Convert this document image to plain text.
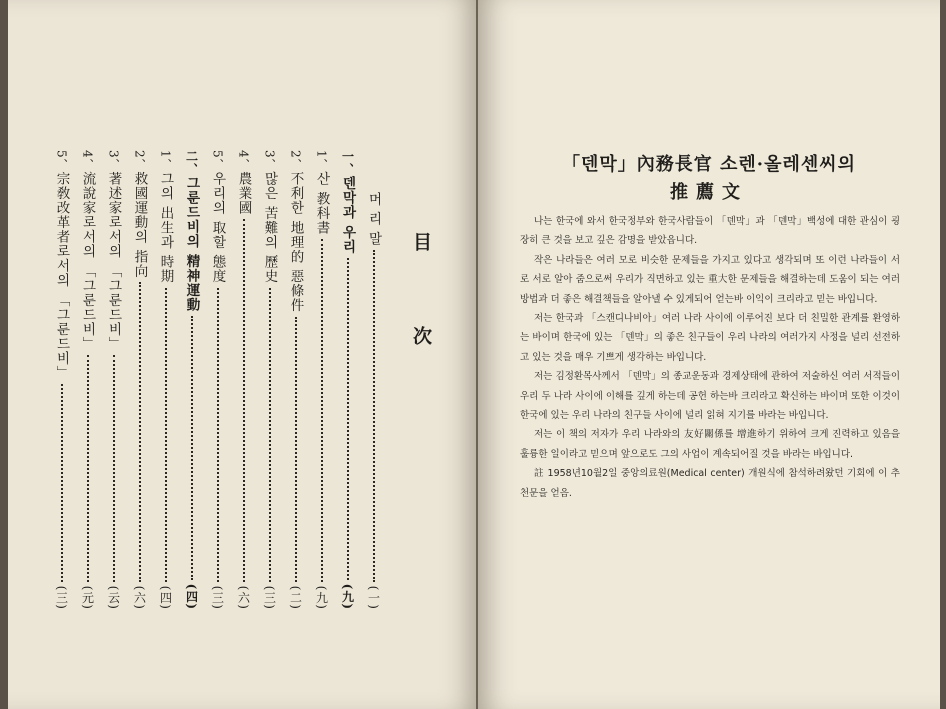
目 次
머 리 말(一)
一、덴막과 우리(九)
1、산 教科書(九)
2、不利한 地理的 惡條件(二)
3、많은 苦難의 歷史(三)
4、農業國(六)
5、우리의 取할 態度(三)
二、그룬드비의 精神運動(四)
1、그의 出生과 時期(四)
2、救國運動의 指向(六)
3、著述家로서의 「그룬드비」(云)
4、流說家로서의 「그룬드비」(元)
5、宗敎改革者로서의 「그룬드비」(三)
「덴막」內務長官 소렌·올레센씨의
推薦文

나는 한국에 와서 한국정부와 한국사람들이 「덴막」과 「덴막」백성에 대한 관심이 굉장히 큰 것을 보고 깊은 감명을 받았읍니다.

작은 나라들은 여러 모로 비슷한 문제들을 가지고 있다고 생각되며 또 이런 나라들이 서로 서로 알아 줌으로써 우리가 직면하고 있는 重大한 문제들을 해결하는데 도움이 되는 여러 방법과 더 좋은 해결책들을 알아낼 수 있게되어 얻는바 이익이 크리라고 믿는 바입니다.

저는 한국과 「스캔디나비아」여러 나라 사이에 이루어진 보다 더 친밀한 관계를 환영하는 바이며 한국에 있는 「덴막」의 좋은 친구들이 우리 나라의 여러가지 사정을 널리 선전하고 있는 것을 매우 기쁘게 생각하는 바입니다.

저는 김정환목사께서 「덴막」의 종교운동과 경제상태에 관하여 저술하신 여러 서적들이 우리 두 나라 사이에 이해를 깊게 하는데 공헌 하는바 크리라고 확신하는 바이며 또한 이것이 한국에 있는 우리 나라의 친구들 사이에 널리 읽혀 지기를 바라는 바입니다.

저는 이 책의 저자가 우리 나라와의 友好關係를 增進하기 위하여 크게 진력하고 있음을 훌륭한 일이라고 믿으며 앞으로도 그의 사업이 계속되어질 것을 바라는 바입니다.

註 1958년10월2일 중앙의료원(Medical center) 개원식에 참석하려왔던 기회에 이 추천문을 얻음.
